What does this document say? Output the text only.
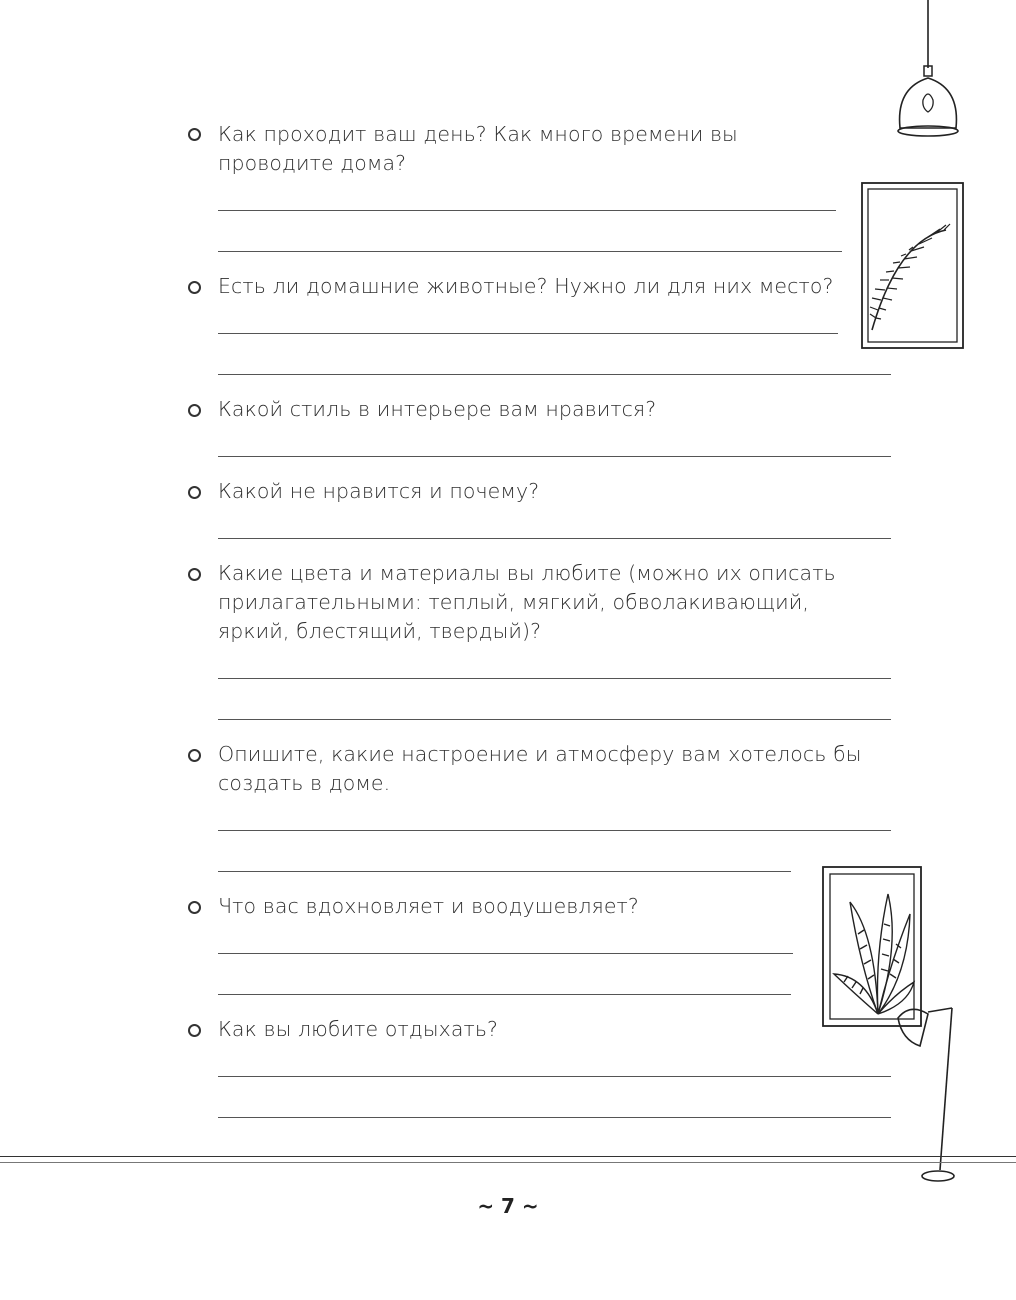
Как проходит ваш день? Как много времени вы проводите дома?
Есть ли домашние животные? Нужно ли для них место?
Какой стиль в интерьере вам нравится?
Какой не нравится и почему?
Какие цвета и материалы вы любите (можно их описать прилагательными: теплый, мягкий, обволакивающий, яркий, блестящий, твердый)?
Опишите, какие настроение и атмосферу вам хотелось бы создать в доме.
Что вас вдохновляет и воодушевляет?
Как вы любите отдыхать?
~ 7 ~
